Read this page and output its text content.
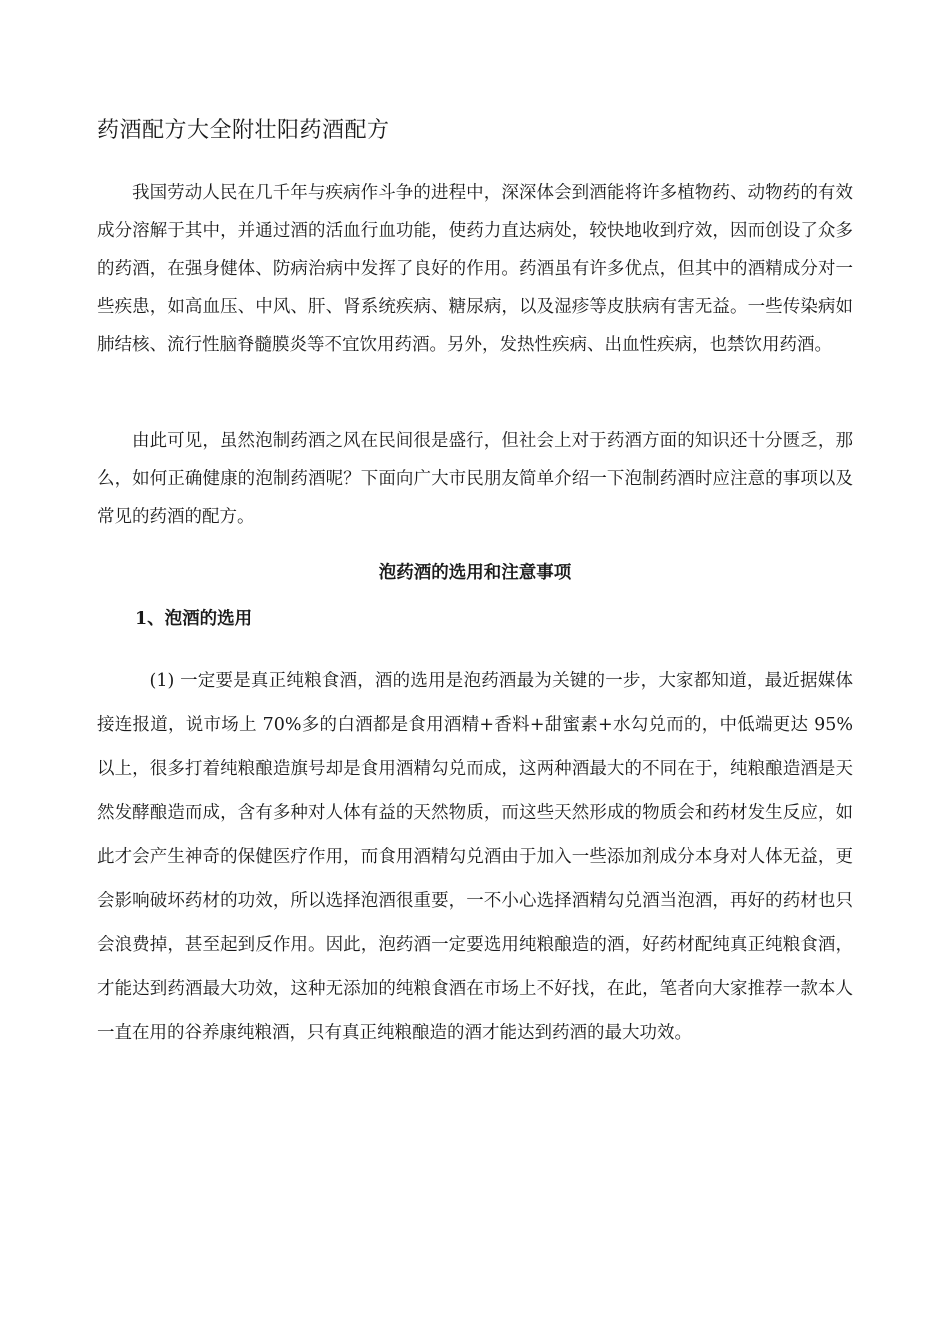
药酒配方大全附壮阳药酒配方

我国劳动人民在几千年与疾病作斗争的进程中，深深体会到酒能将许多植物药、动物药的有效成分溶解于其中，并通过酒的活血行血功能，使药力直达病处，较快地收到疗效，因而创设了众多的药酒，在强身健体、防病治病中发挥了良好的作用。药酒虽有许多优点，但其中的酒精成分对一些疾患，如高血压、中风、肝、肾系统疾病、糖尿病，以及湿疹等皮肤病有害无益。一些传染病如肺结核、流行性脑脊髓膜炎等不宜饮用药酒。另外，发热性疾病、出血性疾病，也禁饮用药酒。

由此可见，虽然泡制药酒之风在民间很是盛行，但社会上对于药酒方面的知识还十分匮乏，那么，如何正确健康的泡制药酒呢？下面向广大市民朋友简单介绍一下泡制药酒时应注意的事项以及常见的药酒的配方。

泡药酒的选用和注意事项
1、泡酒的选用

(1) 一定要是真正纯粮食酒，酒的选用是泡药酒最为关键的一步，大家都知道，最近据媒体接连报道，说市场上 70%多的白酒都是食用酒精+香料+甜蜜素+水勾兑而的，中低端更达 95%以上，很多打着纯粮酿造旗号却是食用酒精勾兑而成，这两种酒最大的不同在于，纯粮酿造酒是天然发酵酿造而成，含有多种对人体有益的天然物质，而这些天然形成的物质会和药材发生反应，如此才会产生神奇的保健医疗作用，而食用酒精勾兑酒由于加入一些添加剂成分本身对人体无益，更会影响破坏药材的功效，所以选择泡酒很重要，一不小心选择酒精勾兑酒当泡酒，再好的药材也只会浪费掉，甚至起到反作用。因此，泡药酒一定要选用纯粮酿造的酒，好药材配纯真正纯粮食酒，才能达到药酒最大功效，这种无添加的纯粮食酒在市场上不好找，在此，笔者向大家推荐一款本人一直在用的谷养康纯粮酒，只有真正纯粮酿造的酒才能达到药酒的最大功效。
